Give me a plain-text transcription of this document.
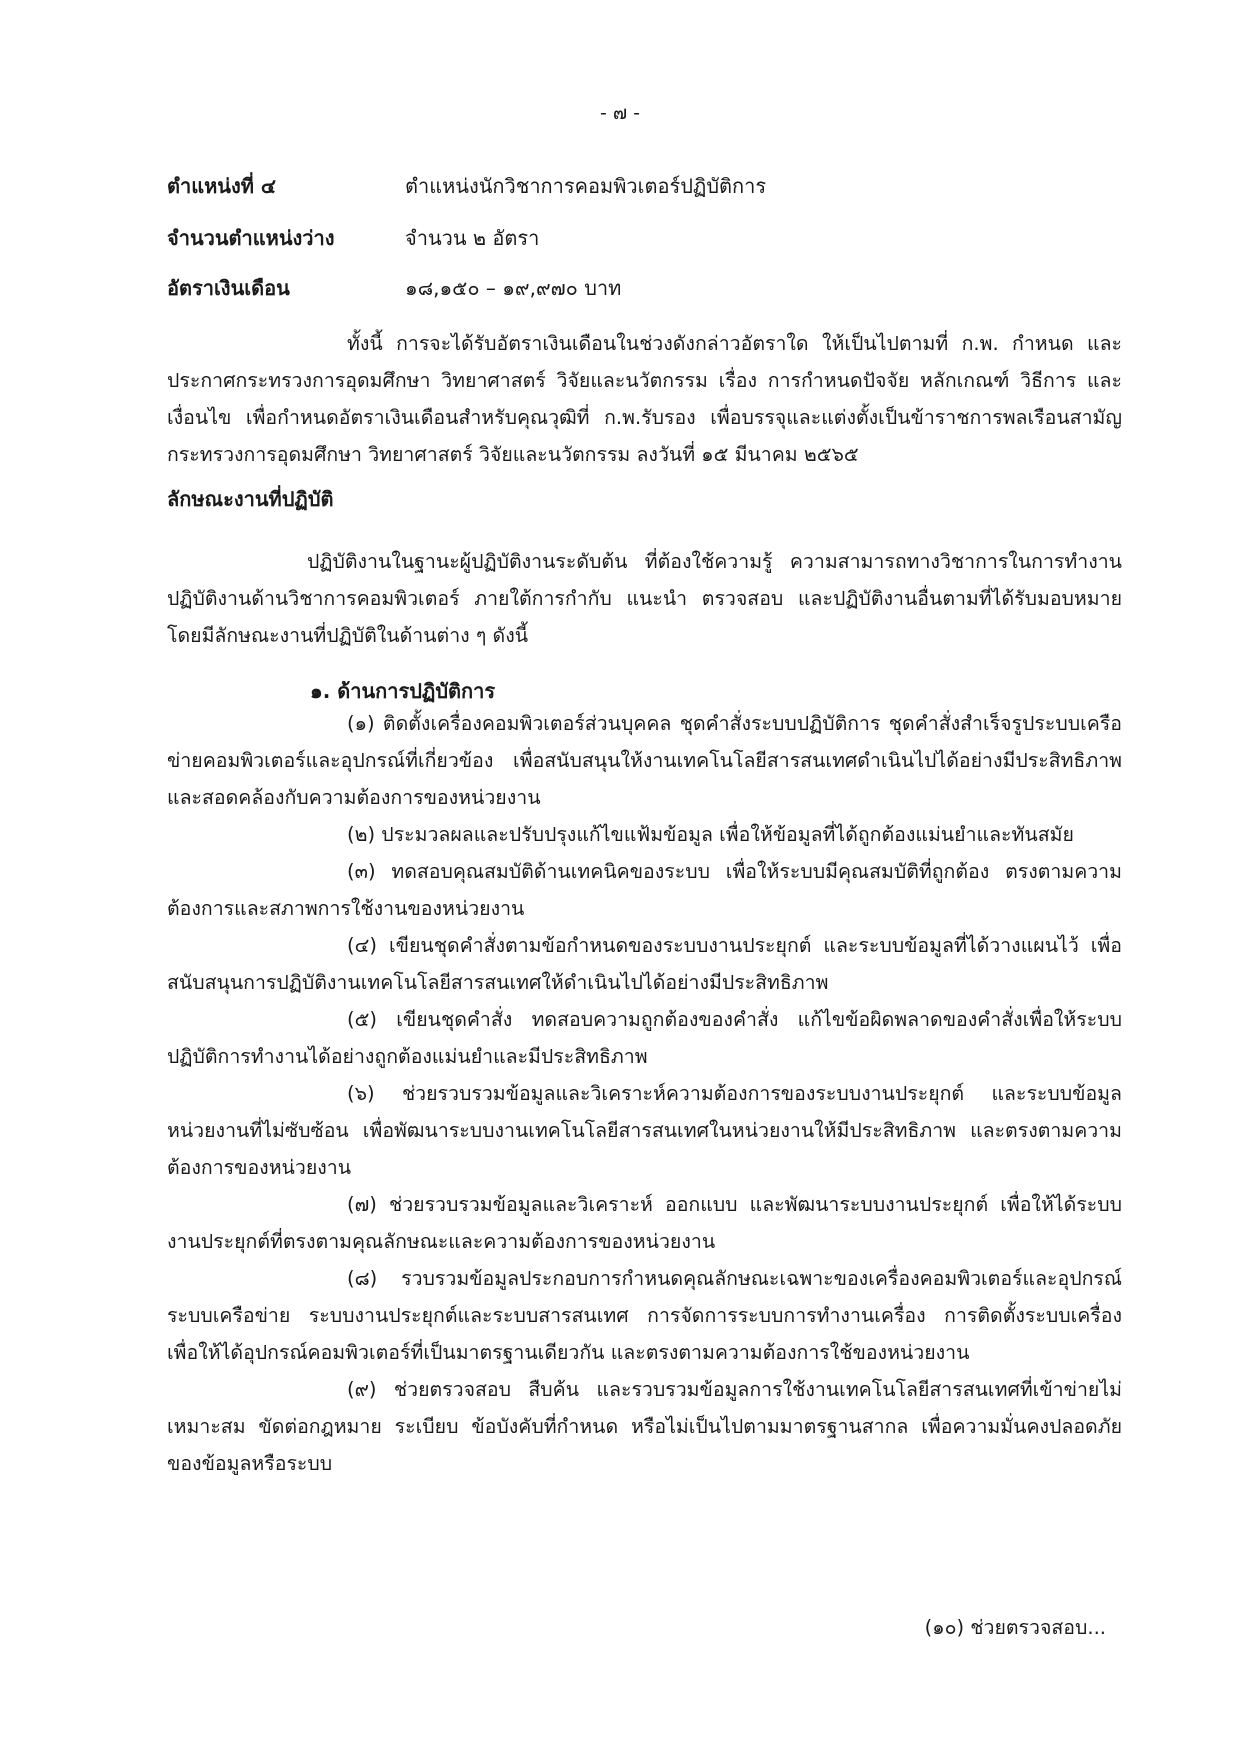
- ๗ -
ตำแหน่งที่ ๔	ตำแหน่งนักวิชาการคอมพิวเตอร์ปฏิบัติการ
จำนวนตำแหน่งว่าง	จำนวน ๒ อัตรา
อัตราเงินเดือน	๑๘,๑๕๐ – ๑๙,๙๗๐ บาท

ทั้งนี้ การจะได้รับอัตราเงินเดือนในช่วงดังกล่าวอัตราใด ให้เป็นไปตามที่ ก.พ. กำหนด และประกาศกระทรวงการอุดมศึกษา วิทยาศาสตร์ วิจัยและนวัตกรรม เรื่อง การกำหนดปัจจัย หลักเกณฑ์ วิธีการ และเงื่อนไข เพื่อกำหนดอัตราเงินเดือนสำหรับคุณวุฒิที่ ก.พ.รับรอง เพื่อบรรจุและแต่งตั้งเป็นข้าราชการพลเรือนสามัญ กระทรวงการอุดมศึกษา วิทยาศาสตร์ วิจัยและนวัตกรรม ลงวันที่ ๑๕ มีนาคม ๒๕๖๕

ลักษณะงานที่ปฏิบัติ

ปฏิบัติงานในฐานะผู้ปฏิบัติงานระดับต้น ที่ต้องใช้ความรู้ ความสามารถทางวิชาการในการทำงาน ปฏิบัติงานด้านวิชาการคอมพิวเตอร์ ภายใต้การกำกับ แนะนำ ตรวจสอบ และปฏิบัติงานอื่นตามที่ได้รับมอบหมาย โดยมีลักษณะงานที่ปฏิบัติในด้านต่าง ๆ ดังนี้

๑. ด้านการปฏิบัติการ

(๑) ติดตั้งเครื่องคอมพิวเตอร์ส่วนบุคคล ชุดคำสั่งระบบปฏิบัติการ ชุดคำสั่งสำเร็จรูประบบเครือข่ายคอมพิวเตอร์และอุปกรณ์ที่เกี่ยวข้อง เพื่อสนับสนุนให้งานเทคโนโลยีสารสนเทศดำเนินไปได้อย่างมีประสิทธิภาพและสอดคล้องกับความต้องการของหน่วยงาน

(๒) ประมวลผลและปรับปรุงแก้ไขแฟ้มข้อมูล เพื่อให้ข้อมูลที่ได้ถูกต้องแม่นยำและทันสมัย

(๓) ทดสอบคุณสมบัติด้านเทคนิคของระบบ เพื่อให้ระบบมีคุณสมบัติที่ถูกต้อง ตรงตามความต้องการและสภาพการใช้งานของหน่วยงาน

(๔) เขียนชุดคำสั่งตามข้อกำหนดของระบบงานประยุกต์ และระบบข้อมูลที่ได้วางแผนไว้ เพื่อสนับสนุนการปฏิบัติงานเทคโนโลยีสารสนเทศให้ดำเนินไปได้อย่างมีประสิทธิภาพ

(๕) เขียนชุดคำสั่ง ทดสอบความถูกต้องของคำสั่ง แก้ไขข้อผิดพลาดของคำสั่งเพื่อให้ระบบปฏิบัติการทำงานได้อย่างถูกต้องแม่นยำและมีประสิทธิภาพ

(๖) ช่วยรวบรวมข้อมูลและวิเคราะห์ความต้องการของระบบงานประยุกต์ และระบบข้อมูลหน่วยงานที่ไม่ซับซ้อน เพื่อพัฒนาระบบงานเทคโนโลยีสารสนเทศในหน่วยงานให้มีประสิทธิภาพ และตรงตามความต้องการของหน่วยงาน

(๗) ช่วยรวบรวมข้อมูลและวิเคราะห์ ออกแบบ และพัฒนาระบบงานประยุกต์ เพื่อให้ได้ระบบงานประยุกต์ที่ตรงตามคุณลักษณะและความต้องการของหน่วยงาน

(๘) รวบรวมข้อมูลประกอบการกำหนดคุณลักษณะเฉพาะของเครื่องคอมพิวเตอร์และอุปกรณ์ ระบบเครือข่าย ระบบงานประยุกต์และระบบสารสนเทศ การจัดการระบบการทำงานเครื่อง การติดตั้งระบบเครื่อง เพื่อให้ได้อุปกรณ์คอมพิวเตอร์ที่เป็นมาตรฐานเดียวกัน และตรงตามความต้องการใช้ของหน่วยงาน

(๙) ช่วยตรวจสอบ สืบค้น และรวบรวมข้อมูลการใช้งานเทคโนโลยีสารสนเทศที่เข้าข่ายไม่เหมาะสม ขัดต่อกฎหมาย ระเบียบ ข้อบังคับที่กำหนด หรือไม่เป็นไปตามมาตรฐานสากล เพื่อความมั่นคงปลอดภัยของข้อมูลหรือระบบ

(๑๐) ช่วยตรวจสอบ...
